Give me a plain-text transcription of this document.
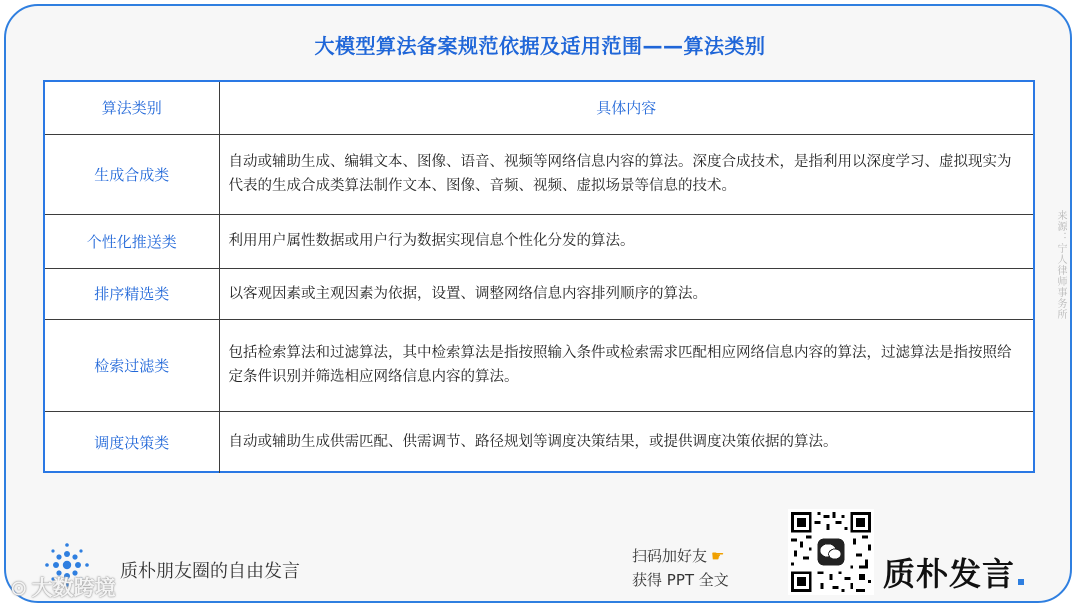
大模型算法备案规范依据及适用范围——算法类别
算法类别	具体内容
生成合成类	自动或辅助生成、编辑文本、图像、语音、视频等网络信息内容的算法。深度合成技术，是指利用以深度学习、虚拟现实为代表的生成合成类算法制作文本、图像、音频、视频、虚拟场景等信息的技术。
个性化推送类	利用用户属性数据或用户行为数据实现信息个性化分发的算法。
排序精选类	以客观因素或主观因素为依据，设置、调整网络信息内容排列顺序的算法。
检索过滤类	包括检索算法和过滤算法，其中检索算法是指按照输入条件或检索需求匹配相应网络信息内容的算法，过滤算法是指按照给定条件识别并筛选相应网络信息内容的算法。
调度决策类	自动或辅助生成供需匹配、供需调节、路径规划等调度决策结果，或提供调度决策依据的算法。
来源：宁人律师事务所
质朴朋友圈的自由发言
⊙ 大数跨境
扫码加好友 ☛
获得 PPT 全文	质朴发言
